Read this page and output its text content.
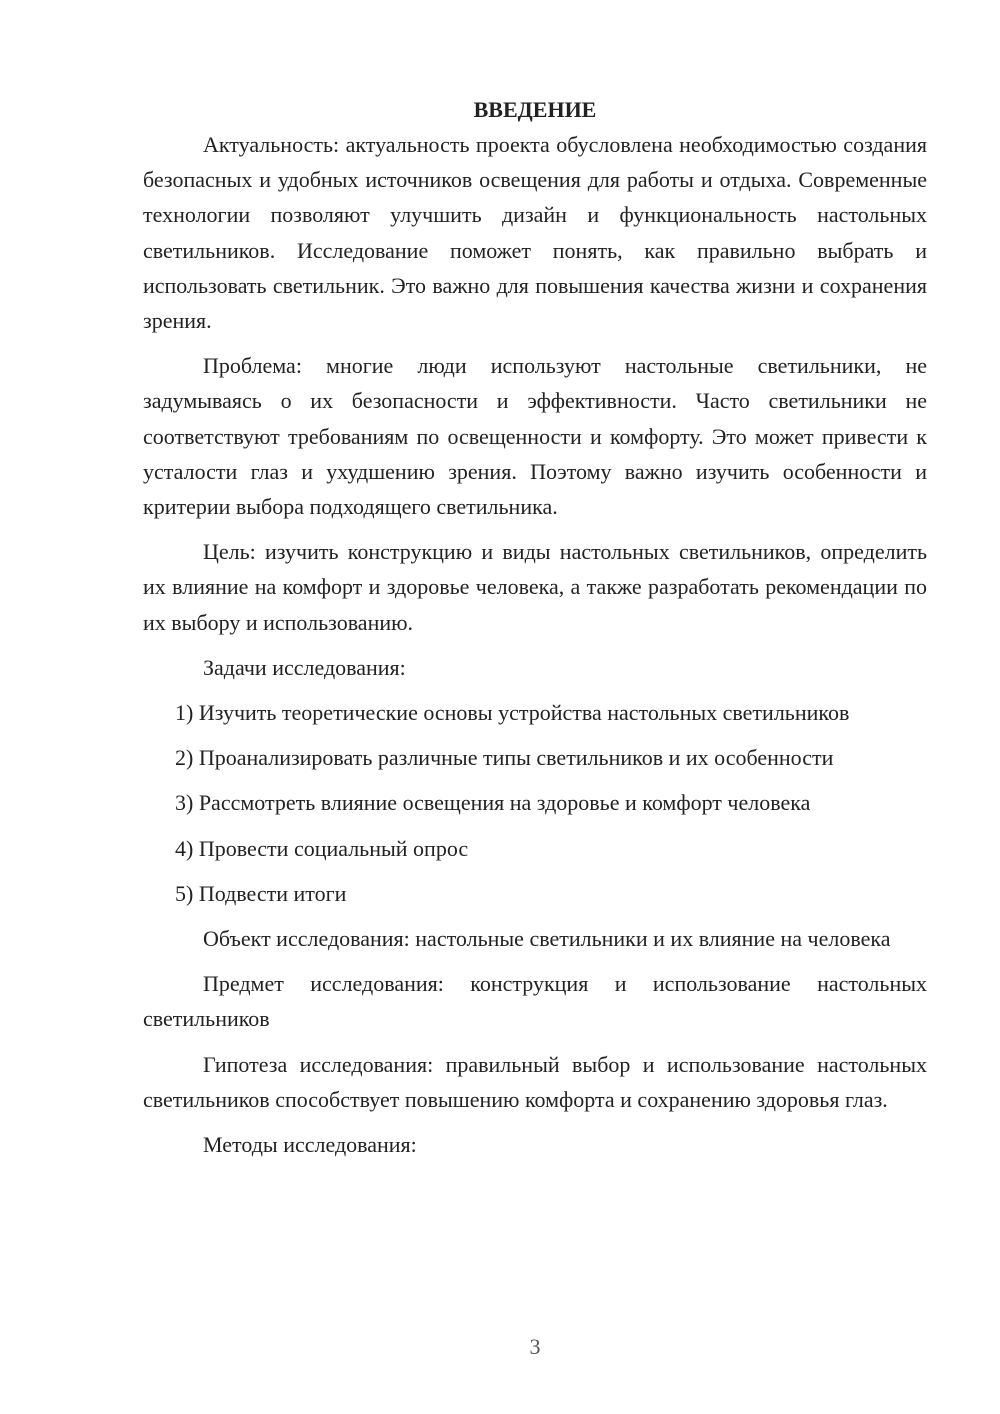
ВВЕДЕНИЕ

Актуальность: актуальность проекта обусловлена необходимостью создания безопасных и удобных источников освещения для работы и отдыха. Современные технологии позволяют улучшить дизайн и функциональность настольных светильников. Исследование поможет понять, как правильно выбрать и использовать светильник. Это важно для повышения качества жизни и сохранения зрения.

Проблема: многие люди используют настольные светильники, не задумываясь о их безопасности и эффективности. Часто светильники не соответствуют требованиям по освещенности и комфорту. Это может привести к усталости глаз и ухудшению зрения. Поэтому важно изучить особенности и критерии выбора подходящего светильника.

Цель: изучить конструкцию и виды настольных светильников, определить их влияние на комфорт и здоровье человека, а также разработать рекомендации по их выбору и использованию.

Задачи исследования:

1) Изучить теоретические основы устройства настольных светильников

2) Проанализировать различные типы светильников и их особенности

3) Рассмотреть влияние освещения на здоровье и комфорт человека

4) Провести социальный опрос

5) Подвести итоги

Объект исследования: настольные светильники и их влияние на человека

Предмет исследования: конструкция и использование настольных светильников

Гипотеза исследования: правильный выбор и использование настольных светильников способствует повышению комфорта и сохранению здоровья глаз.

Методы исследования:

3
